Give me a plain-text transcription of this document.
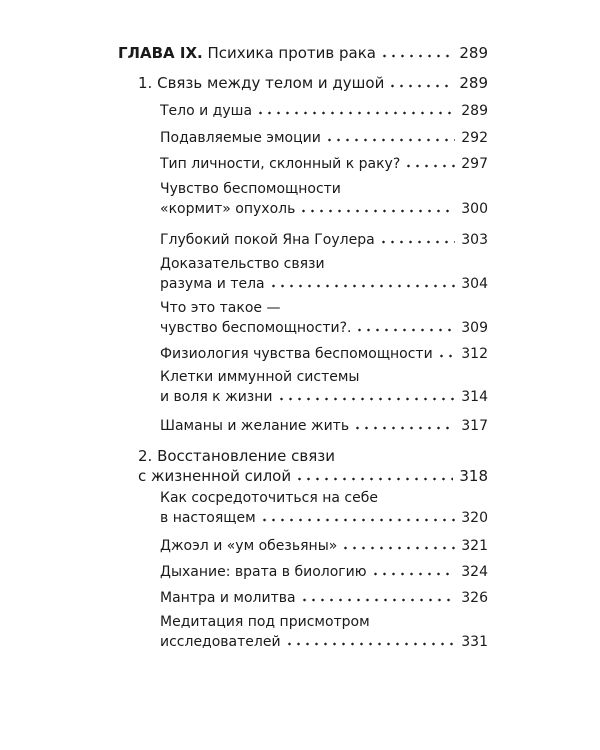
ГЛАВА IX. Психика против рака	289
1. Связь между телом и душой	289
Тело и душа	289
Подавляемые эмоции	292
Тип личности, склонный к раку?	297
Чувство беспомощности
«кормит» опухоль	300
Глубокий покой Яна Гоулера	303
Доказательство связи
разума и тела	304
Что это такое —
чувство беспомощности?.	309
Физиология чувства беспомощности 312
Клетки иммунной системы
и воля к жизни	314
Шаманы и желание жить	317
2. Восстановление связи
с жизненной силой	318
Как сосредоточиться на себе
в настоящем	320
Джоэл и «ум обезьяны»	321
Дыхание: врата в биологию	324
Мантра и молитва	326
Медитация под присмотром
исследователей	331
